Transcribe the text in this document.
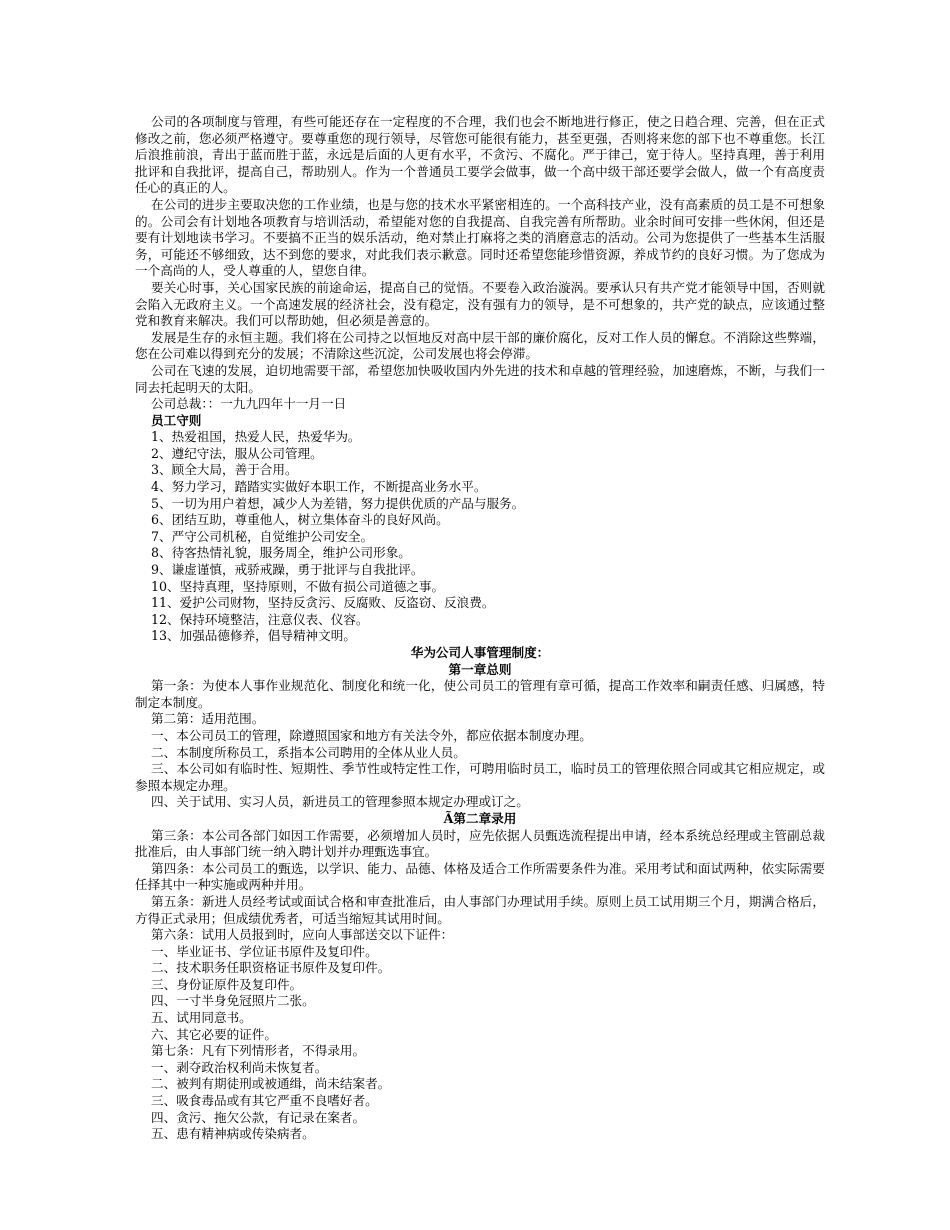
公司的各项制度与管理，有些可能还存在一定程度的不合理，我们也会不断地进行修正，使之日趋合理、完善，但在正式修改之前，您必须严格遵守。要尊重您的现行领导，尽管您可能很有能力，甚至更强，否则将来您的部下也不尊重您。长江后浪推前浪，青出于蓝而胜于蓝，永远是后面的人更有水平，不贪污、不腐化。严于律己，宽于待人。坚持真理，善于利用批评和自我批评，提高自己，帮助别人。作为一个普通员工要学会做事，做一个高中级干部还要学会做人，做一个有高度责任心的真正的人。

在公司的进步主要取决您的工作业绩，也是与您的技术水平紧密相连的。一个高科技产业，没有高素质的员工是不可想象的。公司会有计划地各项教育与培训活动，希望能对您的自我提高、自我完善有所帮助。业余时间可安排一些休闲，但还是要有计划地读书学习。不要搞不正当的娱乐活动，绝对禁止打麻将之类的消磨意志的活动。公司为您提供了一些基本生活服务，可能还不够细致，达不到您的要求，对此我们表示歉意。同时还希望您能珍惜资源，养成节约的良好习惯。为了您成为一个高尚的人，受人尊重的人，望您自律。

要关心时事，关心国家民族的前途命运，提高自己的觉悟。不要卷入政治漩涡。要承认只有共产党才能领导中国，否则就会陷入无政府主义。一个高速发展的经济社会，没有稳定，没有强有力的领导，是不可想象的，共产党的缺点，应该通过整党和教育来解决。我们可以帮助她，但必须是善意的。

发展是生存的永恒主题。我们将在公司持之以恒地反对高中层干部的廉价腐化，反对工作人员的懈怠。不消除这些弊端，您在公司难以得到充分的发展；不清除这些沉淀，公司发展也将会停滞。

公司在飞速的发展，迫切地需要干部，希望您加快吸收国内外先进的技术和卓越的管理经验，加速磨炼，不断，与我们一同去托起明天的太阳。

公司总裁：：一九九四年十一月一日

员工守则

1、热爱祖国，热爱人民，热爱华为。

2、遵纪守法，服从公司管理。

3、顾全大局，善于合用。

4、努力学习，踏踏实实做好本职工作，不断提高业务水平。

5、一切为用户着想，减少人为差错，努力提供优质的产品与服务。

6、团结互助，尊重他人，树立集体奋斗的良好风尚。

7、严守公司机秘，自觉维护公司安全。

8、待客热情礼貌，服务周全，维护公司形象。

9、谦虚谨慎，戒骄戒躁，勇于批评与自我批评。

10、坚持真理，坚持原则，不做有损公司道德之事。

11、爱护公司财物，坚持反贪污、反腐败、反盗窃、反浪费。

12、保持环境整洁，注意仪表、仪容。

13、加强品德修养，倡导精神文明。

华为公司人事管理制度：

第一章总则

第一条：为使本人事作业规范化、制度化和统一化，使公司员工的管理有章可循，提高工作效率和嗣责任感、归属感，特制定本制度。

第二第：适用范围。

一、本公司员工的管理，除遵照国家和地方有关法令外，都应依据本制度办理。

二、本制度所称员工，系指本公司聘用的全体从业人员。

三、本公司如有临时性、短期性、季节性或特定性工作，可聘用临时员工，临时员工的管理依照合同或其它相应规定，或参照本规定办理。

四、关于试用、实习人员，新进员工的管理参照本规定办理或订之。

Ã第二章录用

第三条：本公司各部门如因工作需要，必须增加人员时，应先依据人员甄选流程提出申请，经本系统总经理或主管副总裁批准后，由人事部门统一纳入聘计划并办理甄选事宜。

第四条：本公司员工的甄选，以学识、能力、品德、体格及适合工作所需要条件为准。采用考试和面试两种，依实际需要任择其中一种实施或两种并用。

第五条：新进人员经考试或面试合格和审查批准后，由人事部门办理试用手续。原则上员工试用期三个月，期满合格后，方得正式录用；但成绩优秀者，可适当缩短其试用时间。

第六条：试用人员报到时，应向人事部送交以下证件：

一、毕业证书、学位证书原件及复印件。

二、技术职务任职资格证书原件及复印件。

三、身份证原件及复印件。

四、一寸半身免冠照片二张。

五、试用同意书。

六、其它必要的证件。

第七条：凡有下列情形者，不得录用。

一、剥夺政治权利尚未恢复者。

二、被判有期徒刑或被通缉，尚未结案者。

三、吸食毒品或有其它严重不良嗜好者。

四、贪污、拖欠公款，有记录在案者。

五、患有精神病或传染病者。
